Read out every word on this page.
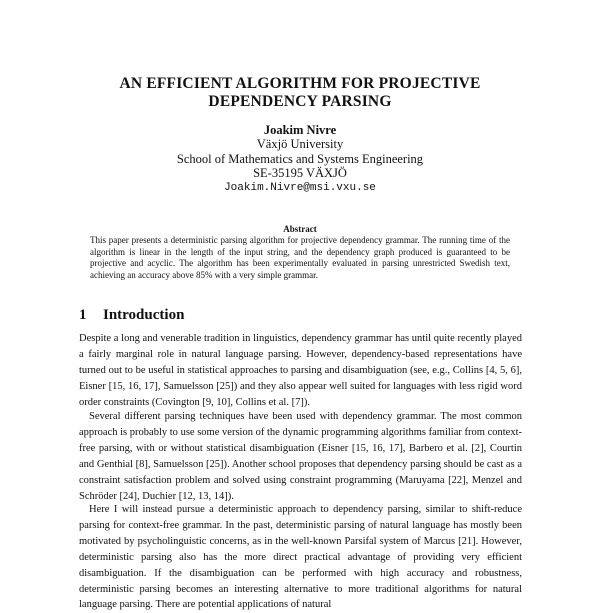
AN EFFICIENT ALGORITHM FOR PROJECTIVE
DEPENDENCY PARSING
Joakim Nivre
Växjö University
School of Mathematics and Systems Engineering
SE-35195 VÄXJÖ
Joakim.Nivre@msi.vxu.se
Abstract
This paper presents a deterministic parsing algorithm for projective dependency grammar. The running time of the algorithm is linear in the length of the input string, and the dependency graph produced is guaranteed to be projective and acyclic. The algorithm has been experimentally evaluated in parsing unrestricted Swedish text, achieving an accuracy above 85% with a very simple grammar.
1 Introduction
Despite a long and venerable tradition in linguistics, dependency grammar has until quite recently played a fairly marginal role in natural language parsing. However, dependency-based representations have turned out to be useful in statistical approaches to parsing and disambiguation (see, e.g., Collins [4, 5, 6], Eisner [15, 16, 17], Samuelsson [25]) and they also appear well suited for languages with less rigid word order constraints (Covington [9, 10], Collins et al. [7]).
Several different parsing techniques have been used with dependency grammar. The most common approach is probably to use some version of the dynamic programming algorithms familiar from context-free parsing, with or without statistical disambiguation (Eisner [15, 16, 17], Barbero et al. [2], Courtin and Genthial [8], Samuelsson [25]). Another school proposes that dependency parsing should be cast as a constraint satisfaction problem and solved using constraint programming (Maruyama [22], Menzel and Schröder [24], Duchier [12, 13, 14]).
Here I will instead pursue a deterministic approach to dependency parsing, similar to shift-reduce parsing for context-free grammar. In the past, deterministic parsing of natural language has mostly been motivated by psycholinguistic concerns, as in the well-known Parsifal system of Marcus [21]. However, deterministic parsing also has the more direct practical advantage of providing very efficient disambiguation. If the disambiguation can be performed with high accuracy and robustness, deterministic parsing becomes an interesting alternative to more traditional algorithms for natural language parsing. There are potential applications of natural
